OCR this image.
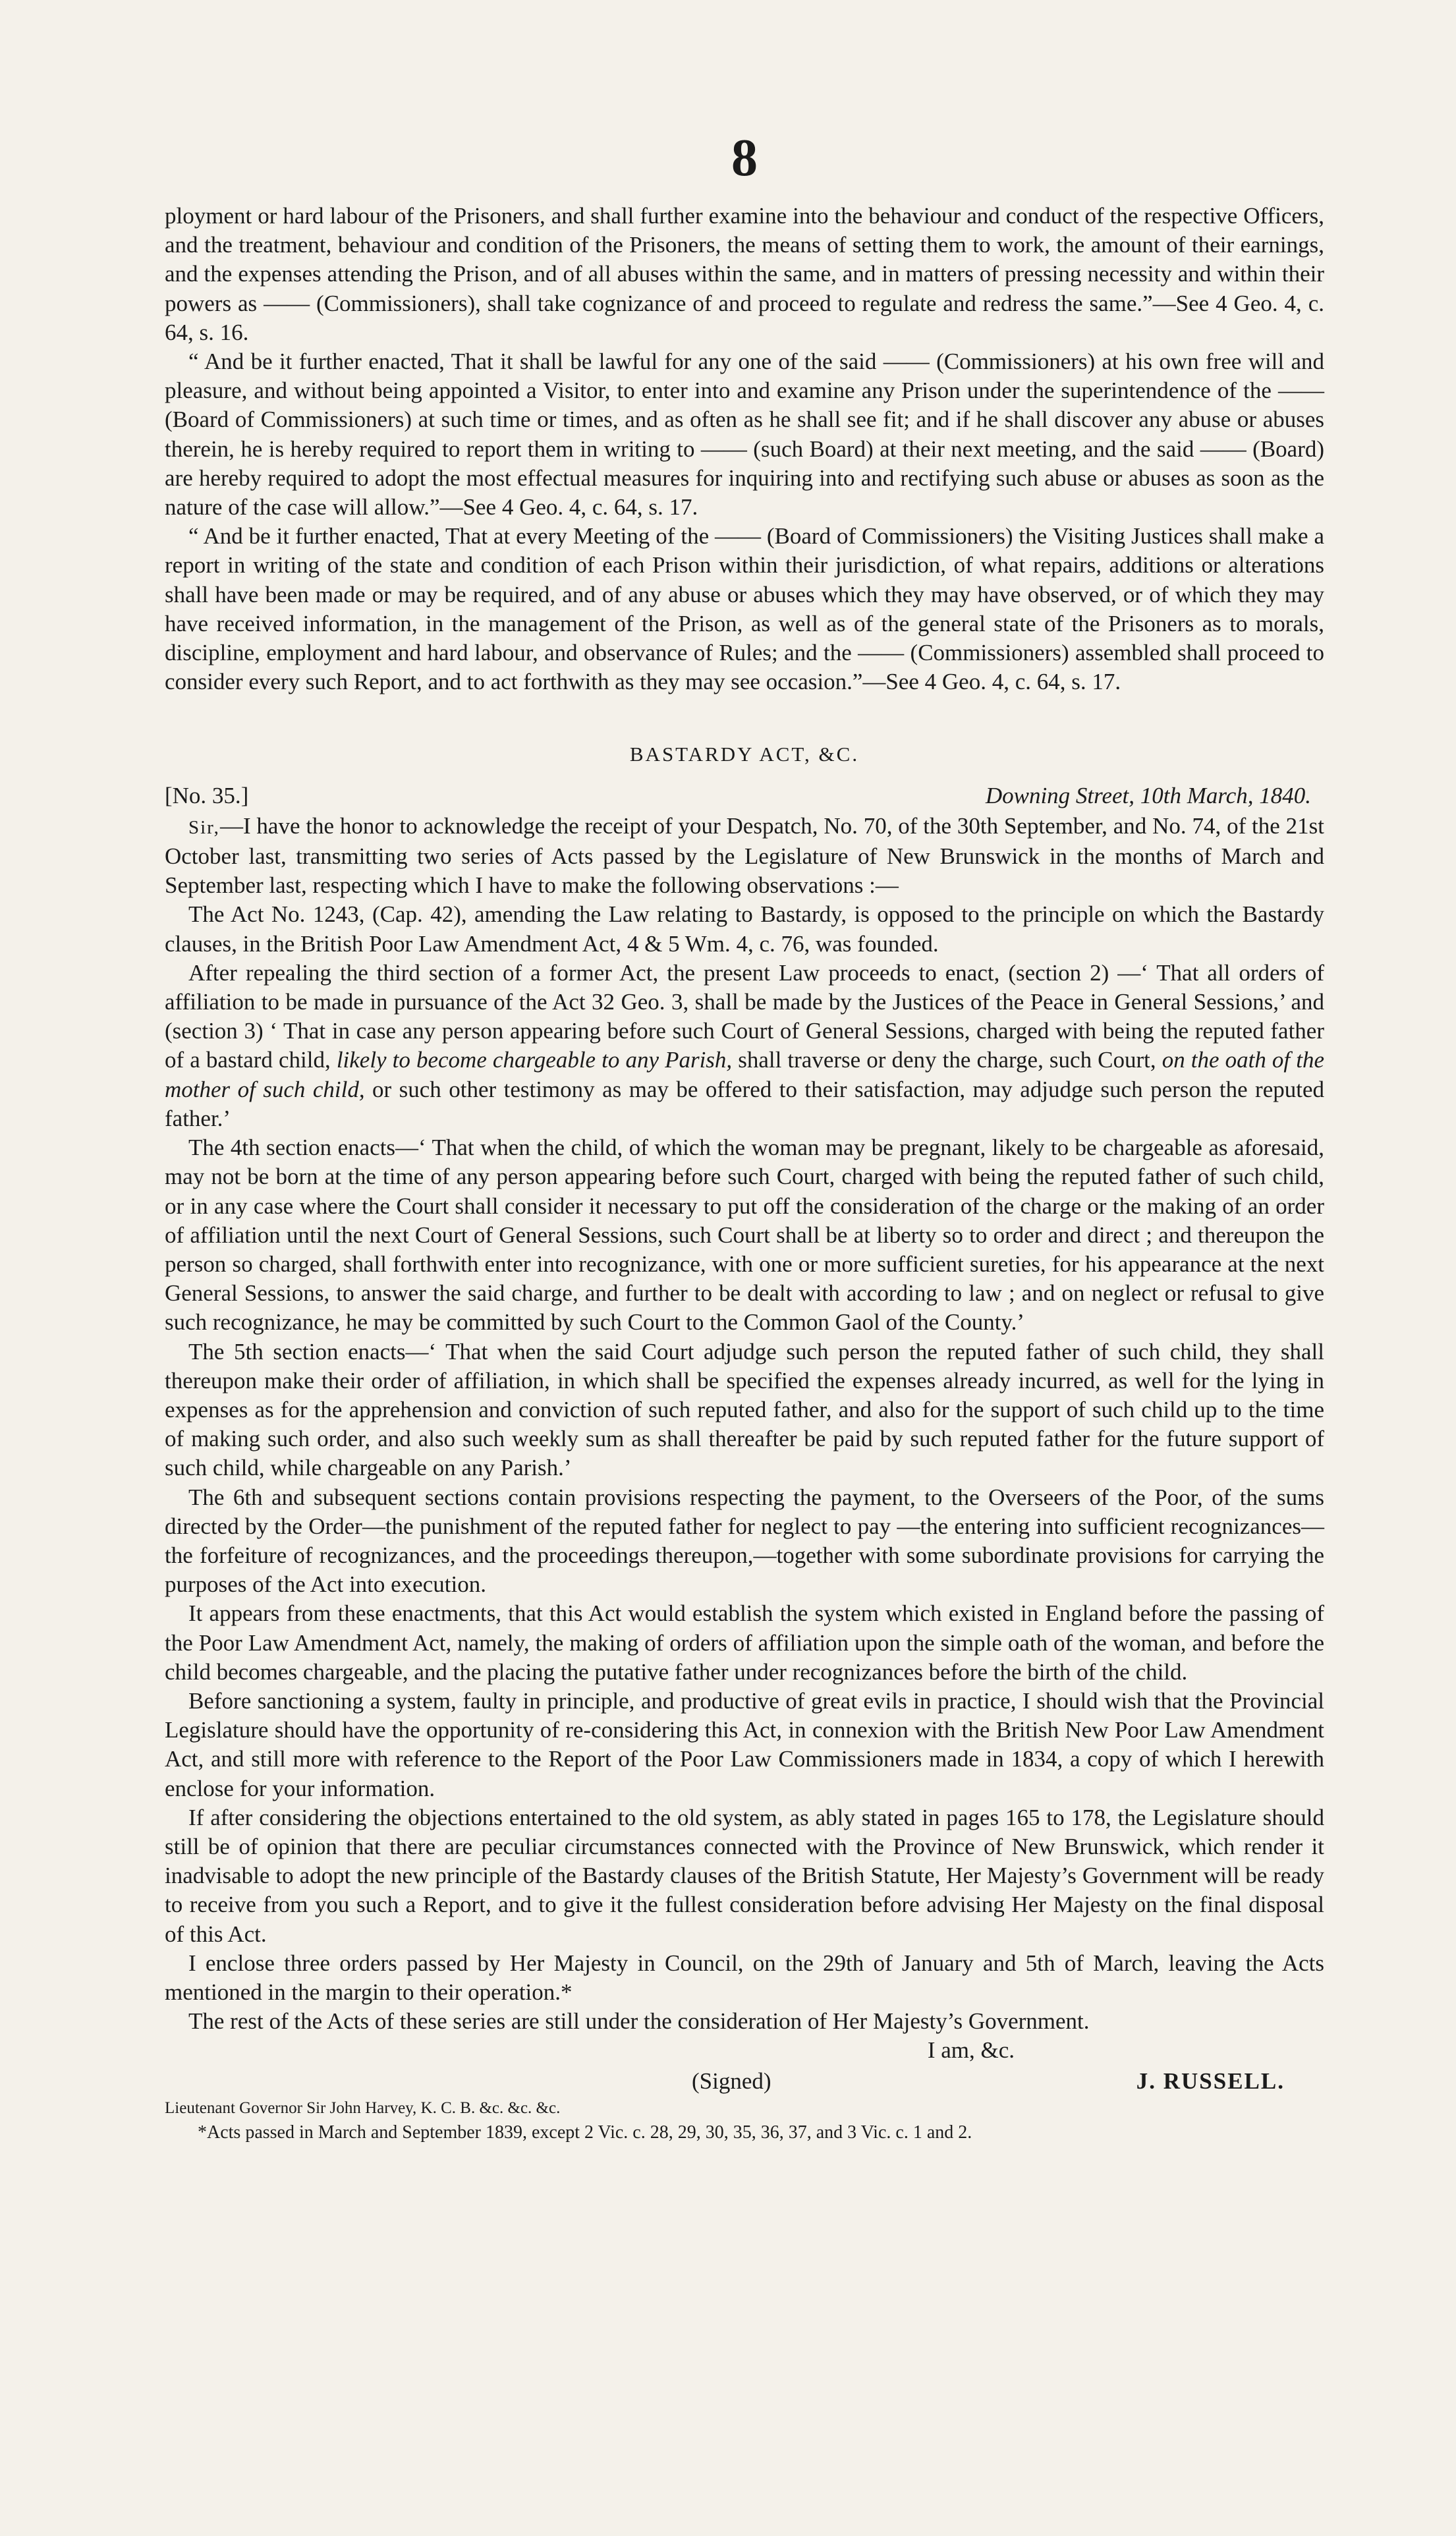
8

ployment or hard labour of the Prisoners, and shall further examine into the behaviour and conduct of the respective Officers, and the treatment, behaviour and condition of the Prisoners, the means of setting them to work, the amount of their earnings, and the expenses attending the Prison, and of all abuses within the same, and in matters of pressing necessity and within their powers as —— (Commissioners), shall take cognizance of and proceed to regulate and redress the same.”—See 4 Geo. 4, c. 64, s. 16.

“ And be it further enacted, That it shall be lawful for any one of the said —— (Commissioners) at his own free will and pleasure, and without being appointed a Visitor, to enter into and examine any Prison under the superintendence of the —— (Board of Commissioners) at such time or times, and as often as he shall see fit; and if he shall discover any abuse or abuses therein, he is hereby required to report them in writing to —— (such Board) at their next meeting, and the said —— (Board) are hereby required to adopt the most effectual measures for inquiring into and rectifying such abuse or abuses as soon as the nature of the case will allow.”—See 4 Geo. 4, c. 64, s. 17.

“ And be it further enacted, That at every Meeting of the —— (Board of Commissioners) the Visiting Justices shall make a report in writing of the state and condition of each Prison within their jurisdiction, of what repairs, additions or alterations shall have been made or may be required, and of any abuse or abuses which they may have observed, or of which they may have received information, in the management of the Prison, as well as of the general state of the Prisoners as to morals, discipline, employment and hard labour, and observance of Rules; and the —— (Commissioners) assembled shall proceed to consider every such Report, and to act forthwith as they may see occasion.”—See 4 Geo. 4, c. 64, s. 17.

BASTARDY ACT, &C.
[No. 35.]	Downing Street, 10th March, 1840.

Sir,—I have the honor to acknowledge the receipt of your Despatch, No. 70, of the 30th September, and No. 74, of the 21st October last, transmitting two series of Acts passed by the Legislature of New Brunswick in the months of March and September last, respecting which I have to make the following observations :—

The Act No. 1243, (Cap. 42), amending the Law relating to Bastardy, is opposed to the principle on which the Bastardy clauses, in the British Poor Law Amendment Act, 4 & 5 Wm. 4, c. 76, was founded.

After repealing the third section of a former Act, the present Law proceeds to enact, (section 2) —‘ That all orders of affiliation to be made in pursuance of the Act 32 Geo. 3, shall be made by the Justices of the Peace in General Sessions,’ and (section 3) ‘ That in case any person appearing before such Court of General Sessions, charged with being the reputed father of a bastard child, likely to become chargeable to any Parish, shall traverse or deny the charge, such Court, on the oath of the mother of such child, or such other testimony as may be offered to their satisfaction, may adjudge such person the reputed father.’

The 4th section enacts—‘ That when the child, of which the woman may be pregnant, likely to be chargeable as aforesaid, may not be born at the time of any person appearing before such Court, charged with being the reputed father of such child, or in any case where the Court shall consider it necessary to put off the consideration of the charge or the making of an order of affiliation until the next Court of General Sessions, such Court shall be at liberty so to order and direct ; and thereupon the person so charged, shall forthwith enter into recognizance, with one or more sufficient sureties, for his appearance at the next General Sessions, to answer the said charge, and further to be dealt with according to law ; and on neglect or refusal to give such recognizance, he may be committed by such Court to the Common Gaol of the County.’

The 5th section enacts—‘ That when the said Court adjudge such person the reputed father of such child, they shall thereupon make their order of affiliation, in which shall be specified the expenses already incurred, as well for the lying in expenses as for the apprehension and conviction of such reputed father, and also for the support of such child up to the time of making such order, and also such weekly sum as shall thereafter be paid by such reputed father for the future support of such child, while chargeable on any Parish.’

The 6th and subsequent sections contain provisions respecting the payment, to the Overseers of the Poor, of the sums directed by the Order—the punishment of the reputed father for neglect to pay —the entering into sufficient recognizances—the forfeiture of recognizances, and the proceedings thereupon,—together with some subordinate provisions for carrying the purposes of the Act into execution.

It appears from these enactments, that this Act would establish the system which existed in England before the passing of the Poor Law Amendment Act, namely, the making of orders of affiliation upon the simple oath of the woman, and before the child becomes chargeable, and the placing the putative father under recognizances before the birth of the child.

Before sanctioning a system, faulty in principle, and productive of great evils in practice, I should wish that the Provincial Legislature should have the opportunity of re-considering this Act, in connexion with the British New Poor Law Amendment Act, and still more with reference to the Report of the Poor Law Commissioners made in 1834, a copy of which I herewith enclose for your information.

If after considering the objections entertained to the old system, as ably stated in pages 165 to 178, the Legislature should still be of opinion that there are peculiar circumstances connected with the Province of New Brunswick, which render it inadvisable to adopt the new principle of the Bastardy clauses of the British Statute, Her Majesty’s Government will be ready to receive from you such a Report, and to give it the fullest consideration before advising Her Majesty on the final disposal of this Act.

I enclose three orders passed by Her Majesty in Council, on the 29th of January and 5th of March, leaving the Acts mentioned in the margin to their operation.*

The rest of the Acts of these series are still under the consideration of Her Majesty’s Government.

I am, &c.
(Signed)	J. RUSSELL.
Lieutenant Governor Sir John Harvey, K. C. B. &c. &c. &c.
*Acts passed in March and September 1839, except 2 Vic. c. 28, 29, 30, 35, 36, 37, and 3 Vic. c. 1 and 2.
